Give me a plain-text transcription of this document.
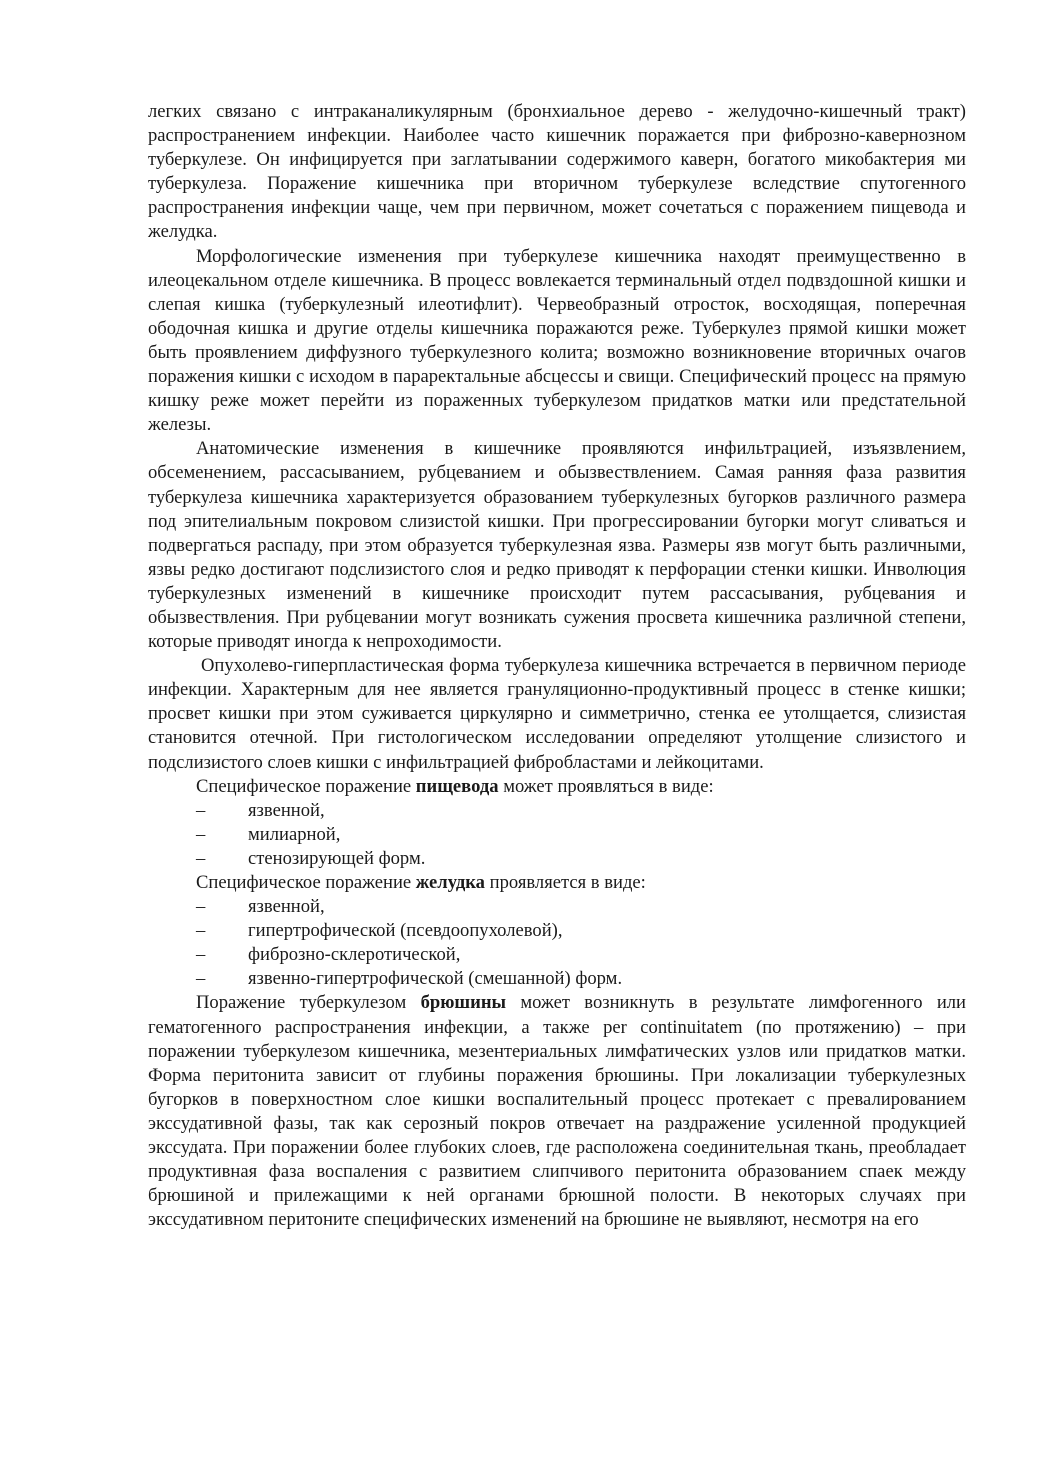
легких связано с интраканаликулярным (бронхиальное дерево - желудочно-кишечный тракт) распространением инфекции. Наиболее часто кишечник поражается при фиброзно-кавернозном туберкулезе. Он инфицируется при заглатывании содержимого каверн, богатого микобактерия ми туберкулеза. Поражение кишечника при вторичном туберкулезе вследствие спутогенного распространения инфекции чаще, чем при первичном, может сочетаться с поражением пищевода и желудка.

Морфологические изменения при туберкулезе кишечника находят преимущественно в илеоцекальном отделе кишечника. В процесс вовлекается терминальный отдел подвздошной кишки и слепая кишка (туберкулезный илеотифлит). Червеобразный отросток, восходящая, поперечная ободочная кишка и другие отделы кишечника поражаются реже. Туберкулез прямой кишки может быть проявлением диффузного туберкулезного колита; возможно возникновение вторичных очагов поражения кишки с исходом в параректальные абсцессы и свищи. Специфический процесс на прямую кишку реже может перейти из пораженных туберкулезом придатков матки или предстательной железы.

Анатомические изменения в кишечнике проявляются инфильтрацией, изъязвлением, обсеменением, рассасыванием, рубцеванием и обызвествлением. Самая ранняя фаза развития туберкулеза кишечника характеризуется образованием туберкулезных бугорков различного размера под эпителиальным покровом слизистой кишки. При прогрессировании бугорки могут сливаться и подвергаться распаду, при этом образуется туберкулезная язва. Размеры язв могут быть различными, язвы редко достигают подслизистого слоя и редко приводят к перфорации стенки кишки. Инволюция туберкулезных изменений в кишечнике происходит путем рассасывания, рубцевания и обызвествления. При рубцевании могут возникать сужения просвета кишечника различной степени, которые приводят иногда к непроходимости.

Опухолево-гиперпластическая форма туберкулеза кишечника встречается в первичном периоде инфекции. Характерным для нее является грануляционно-продуктивный процесс в стенке кишки; просвет кишки при этом суживается циркулярно и симметрично, стенка ее утолщается, слизистая становится отечной. При гистологическом исследовании определяют утолщение слизистого и подслизистого слоев кишки с инфильтрацией фибробластами и лейкоцитами.

Специфическое поражение пищевода может проявляться в виде:

– язвенной,
– милиарной,
– стенозирующей форм.

Специфическое поражение желудка проявляется в виде:

– язвенной,
– гипертрофической (псевдоопухолевой),
– фиброзно-склеротической,
– язвенно-гипертрофической (смешанной) форм.

Поражение туберкулезом брюшины может возникнуть в результате лимфогенного или гематогенного распространения инфекции, а также per continuitatem (по протяжению) – при поражении туберкулезом кишечника, мезентериальных лимфатических узлов или придатков матки. Форма перитонита зависит от глубины поражения брюшины. При локализации туберкулезных бугорков в поверхностном слое кишки воспалительный процесс протекает с превалированием экссудативной фазы, так как серозный покров отвечает на раздражение усиленной продукцией экссудата. При поражении более глубоких слоев, где расположена соединительная ткань, преобладает продуктивная фаза воспаления с развитием слипчивого перитонита образованием спаек между брюшиной и прилежащими к ней органами брюшной полости. В некоторых случаях при экссудативном перитоните специфических изменений на брюшине не выявляют, несмотря на его
